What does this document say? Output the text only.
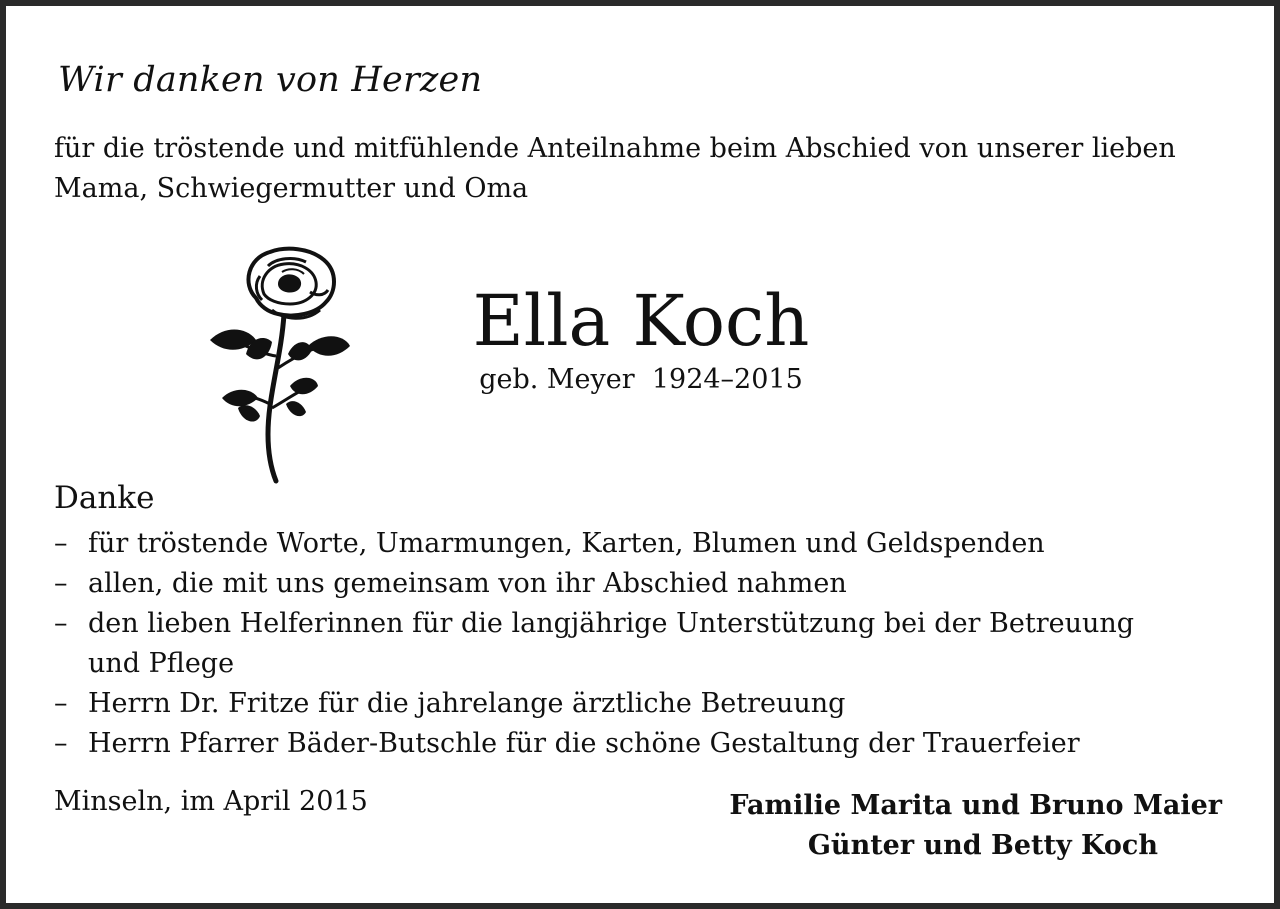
Wir danken von Herzen
für die tröstende und mitfühlende Anteilnahme beim Abschied von unserer lieben Mama, Schwiegermutter und Oma
Ella Koch
geb. Meyer  1924–2015
Danke
– für tröstende Worte, Umarmungen, Karten, Blumen und Geldspenden
– allen, die mit uns gemeinsam von ihr Abschied nahmen
– den lieben Helferinnen für die langjährige Unterstützung bei der Betreuung und Pflege
– Herrn Dr. Fritze für die jahrelange ärztliche Betreuung
– Herrn Pfarrer Bäder-Butschle für die schöne Gestaltung der Trauerfeier
Minseln, im April 2015	Familie Marita und Bruno Maier
Günter und Betty Koch
